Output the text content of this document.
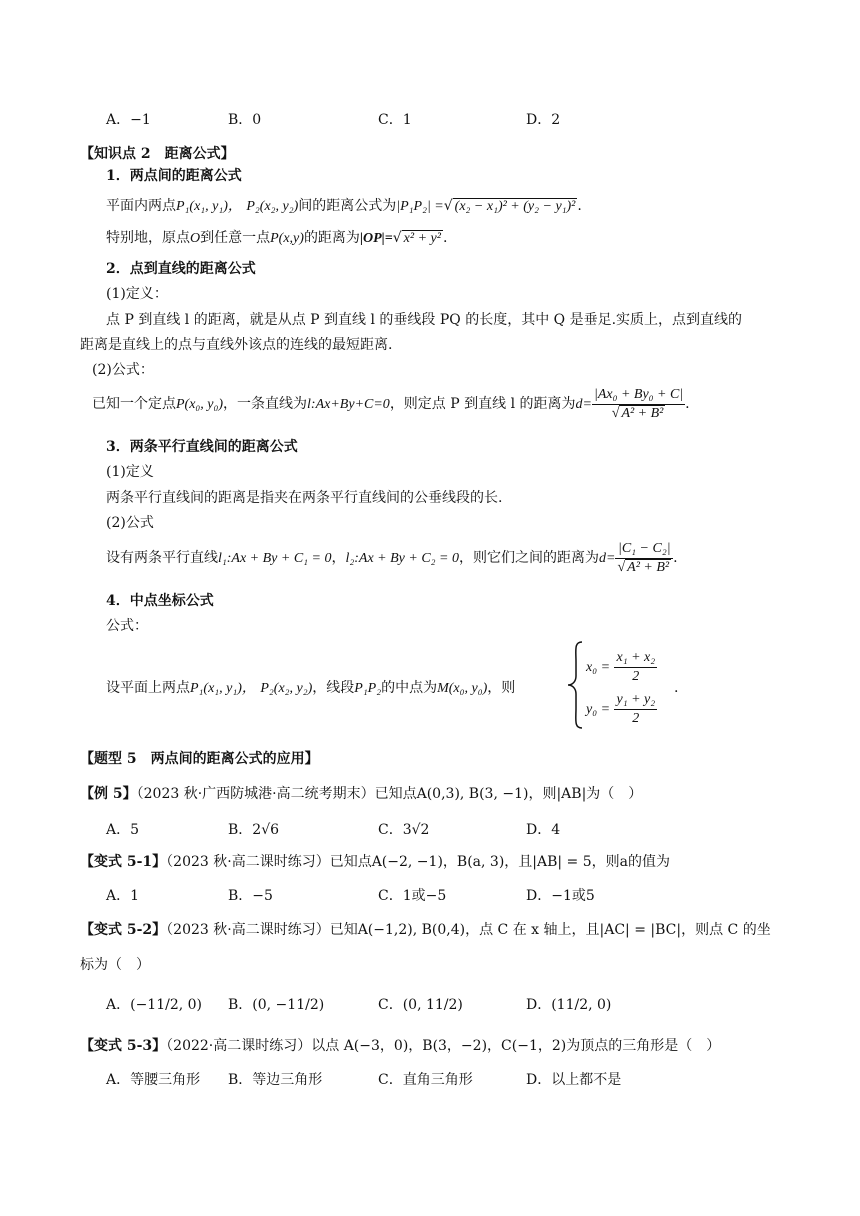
A．−1	B．0	C．1	D．2
【知识点 2　距离公式】
1．两点间的距离公式
平面内两点P₁(x₁, y₁)， P₂(x₂, y₂)间的距离公式为|P₁P₂| =√ (x₂ − x₁)² + (y₂ − y₁)² .
特别地，原点O到任意一点P(x,y)的距离为|OP|=√ x² + y² .
2．点到直线的距离公式
(1)定义：
点 P 到直线 l 的距离，就是从点 P 到直线 l 的垂线段 PQ 的长度，其中 Q 是垂足.实质上，点到直线的
距离是直线上的点与直线外该点的连线的最短距离.
(2)公式：
已知一个定点P(x₀, y₀)，一条直线为l:Ax+By+C=0，则定点 P 到直线 l 的距离为$d= \frac{\text{|Ax₀ + By₀ + C|}}{\text{√ A² + B²}}$ .
3．两条平行直线间的距离公式
(1)定义
两条平行直线间的距离是指夹在两条平行直线间的公垂线段的长.
(2)公式
设有两条平行直线l₁:Ax + By + C₁ = 0，l₂:Ax + By + C₂ = 0，则它们之间的距离为$d= \frac{\text{|C₁ − C₂|}}{\text{√ A² + B²}}$ .
4．中点坐标公式
公式：
设平面上两点P₁(x₁, y₁)， P₂(x₂, y₂)，线段P₁P₂的中点为M(x₀, y₀)，则
$x_0 = \frac{\text{x₁ + x₂}}{2}$
$y_0 = \frac{\text{y₁ + y₂}}{2}$
.
【题型 5　两点间的距离公式的应用】
【例 5】（2023 秋·广西防城港·高二统考期末）已知点A(0,3), B(3, −1)，则|AB|为（　）
A．5	B．2√6	C．3√2	D．4
【变式 5-1】（2023 秋·高二课时练习）已知点A(−2, −1)，B(a, 3)，且|AB| = 5，则a的值为
A．1	B．−5	C．1或−5	D．−1或5
【变式 5-2】（2023 秋·高二课时练习）已知A(−1,2), B(0,4)，点 C 在 x 轴上，且|AC| = |BC|，则点 C 的坐
标为（　）
A．(−11/2, 0) B．(0, −11/2)	C．(0, 11/2)	D．(11/2, 0)
【变式 5-3】（2022·高二课时练习）以点 A(−3，0)，B(3，−2)，C(−1，2)为顶点的三角形是（　）
A．等腰三角形 B．等边三角形	C．直角三角形	D．以上都不是
